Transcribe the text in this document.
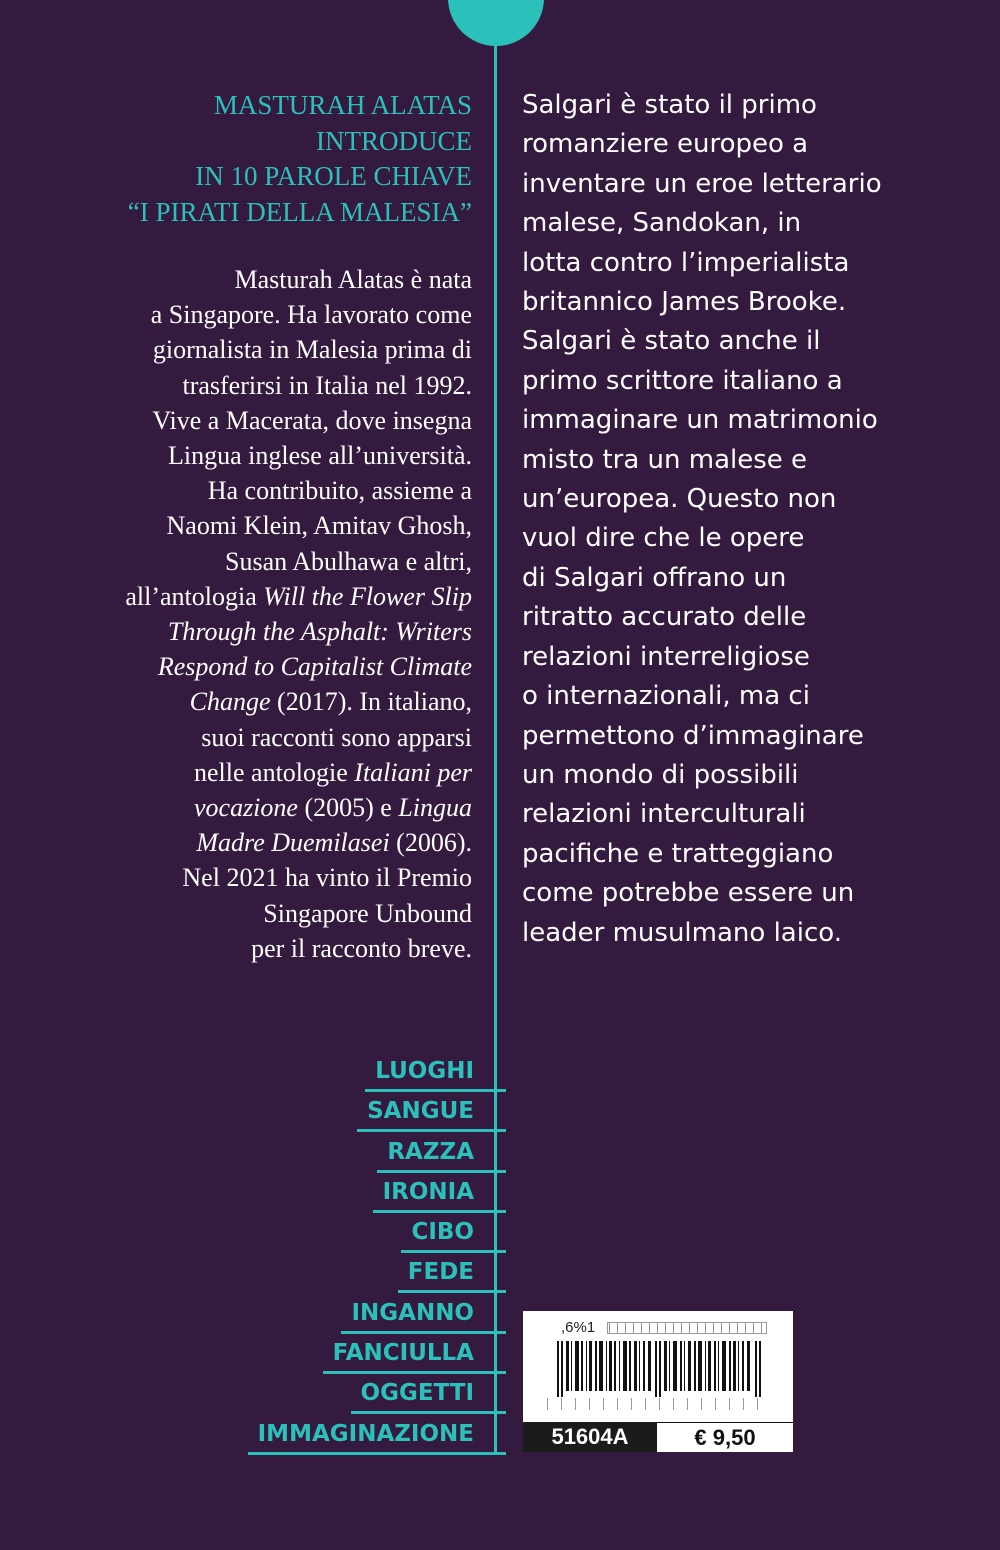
MASTURAH ALATAS
INTRODUCE
IN 10 PAROLE CHIAVE
“I PIRATI DELLA MALESIA”
Masturah Alatas è nata
a Singapore. Ha lavorato come
giornalista in Malesia prima di
trasferirsi in Italia nel 1992.
Vive a Macerata, dove insegna
Lingua inglese all’università.
Ha contribuito, assieme a
Naomi Klein, Amitav Ghosh,
Susan Abulhawa e altri,
all’antologia Will the Flower Slip
Through the Asphalt: Writers
Respond to Capitalist Climate
Change (2017). In italiano,
suoi racconti sono apparsi
nelle antologie Italiani per
vocazione (2005) e Lingua
Madre Duemilasei (2006).
Nel 2021 ha vinto il Premio
Singapore Unbound
per il racconto breve.
Salgari è stato il primo
romanziere europeo a
inventare un eroe letterario
malese, Sandokan, in
lotta contro l’imperialista
britannico James Brooke.
Salgari è stato anche il
primo scrittore italiano a
immaginare un matrimonio
misto tra un malese e
un’europea. Questo non
vuol dire che le opere
di Salgari offrano un
ritratto accurato delle
relazioni interreligiose
o internazionali, ma ci
permettono d’immaginare
un mondo di possibili
relazioni interculturali
pacifiche e tratteggiano
come potrebbe essere un
leader musulmano laico.
LUOGHI
SANGUE
RAZZA
IRONIA
CIBO
FEDE
INGANNO
FANCIULLA
OGGETTI
IMMAGINAZIONE
,6%1
51604A	€ 9,50
